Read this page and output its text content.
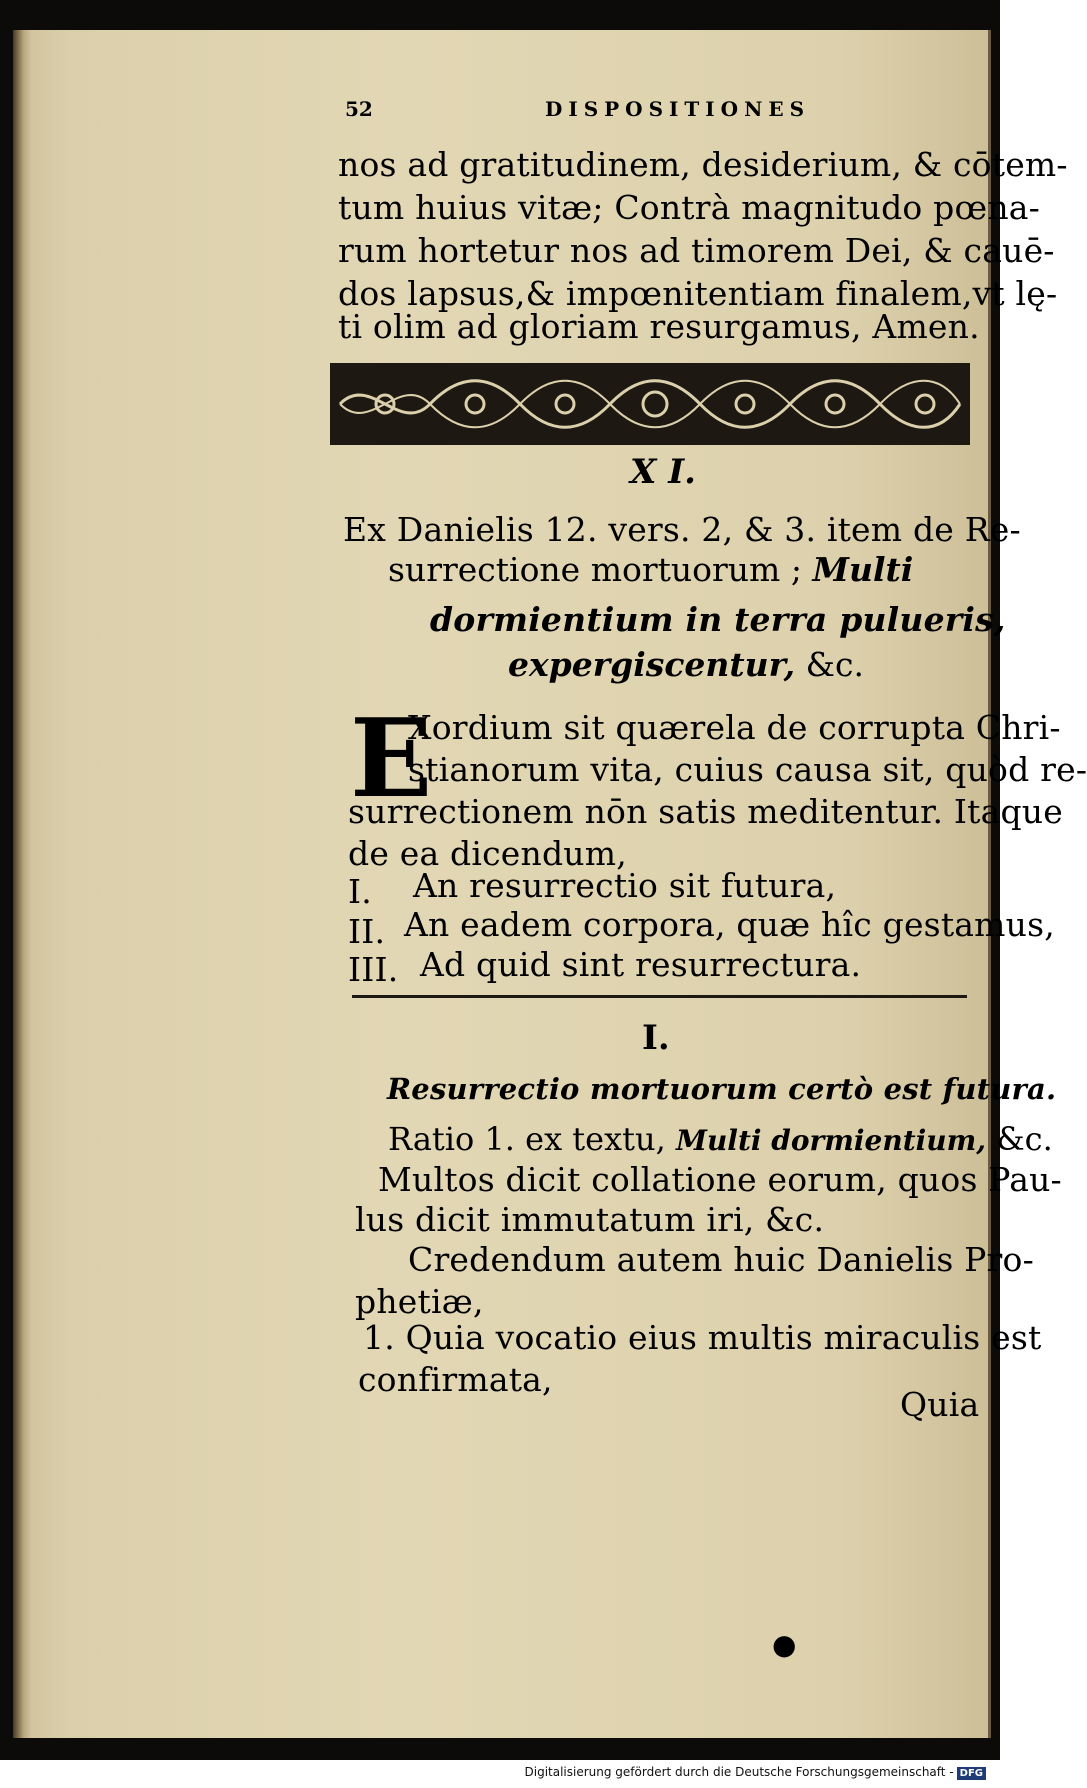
52	DISPOSITIONES
nos ad gratitudinem, desiderium, & cōtem-
tum huius vitæ; Contrà magnitudo pœna-
rum hortetur nos ad timorem Dei, & cauē-
dos lapsus,& impœnitentiam finalem,vt lę-
ti olim ad gloriam resurgamus, Amen.
X I.
Ex Danielis 12. vers. 2, & 3. item de Re-
surrectione mortuorum ; Multi
dormientium in terra pulueris,
expergiscentur, &c.
E
Xordium sit quærela de corrupta Chri-
stianorum vita, cuius causa sit, quòd re-
surrectionem nōn satis meditentur. Itaque
de ea dicendum,
I. An resurrectio sit futura,
II. An eadem corpora, quæ hîc gestamus,
III. Ad quid sint resurrectura.
I.
Resurrectio mortuorum certò est futura.
Ratio 1. ex textu, Multi dormientium, &c.
Multos dicit collatione eorum, quos Pau-
lus dicit immutatum iri, &c.
Credendum autem huic Danielis Pro-
phetiæ,
1. Quia vocatio eius multis miraculis est
confirmata,
Quia
●
Digitalisierung gefördert durch die Deutsche Forschungsgemeinschaft - DFG
